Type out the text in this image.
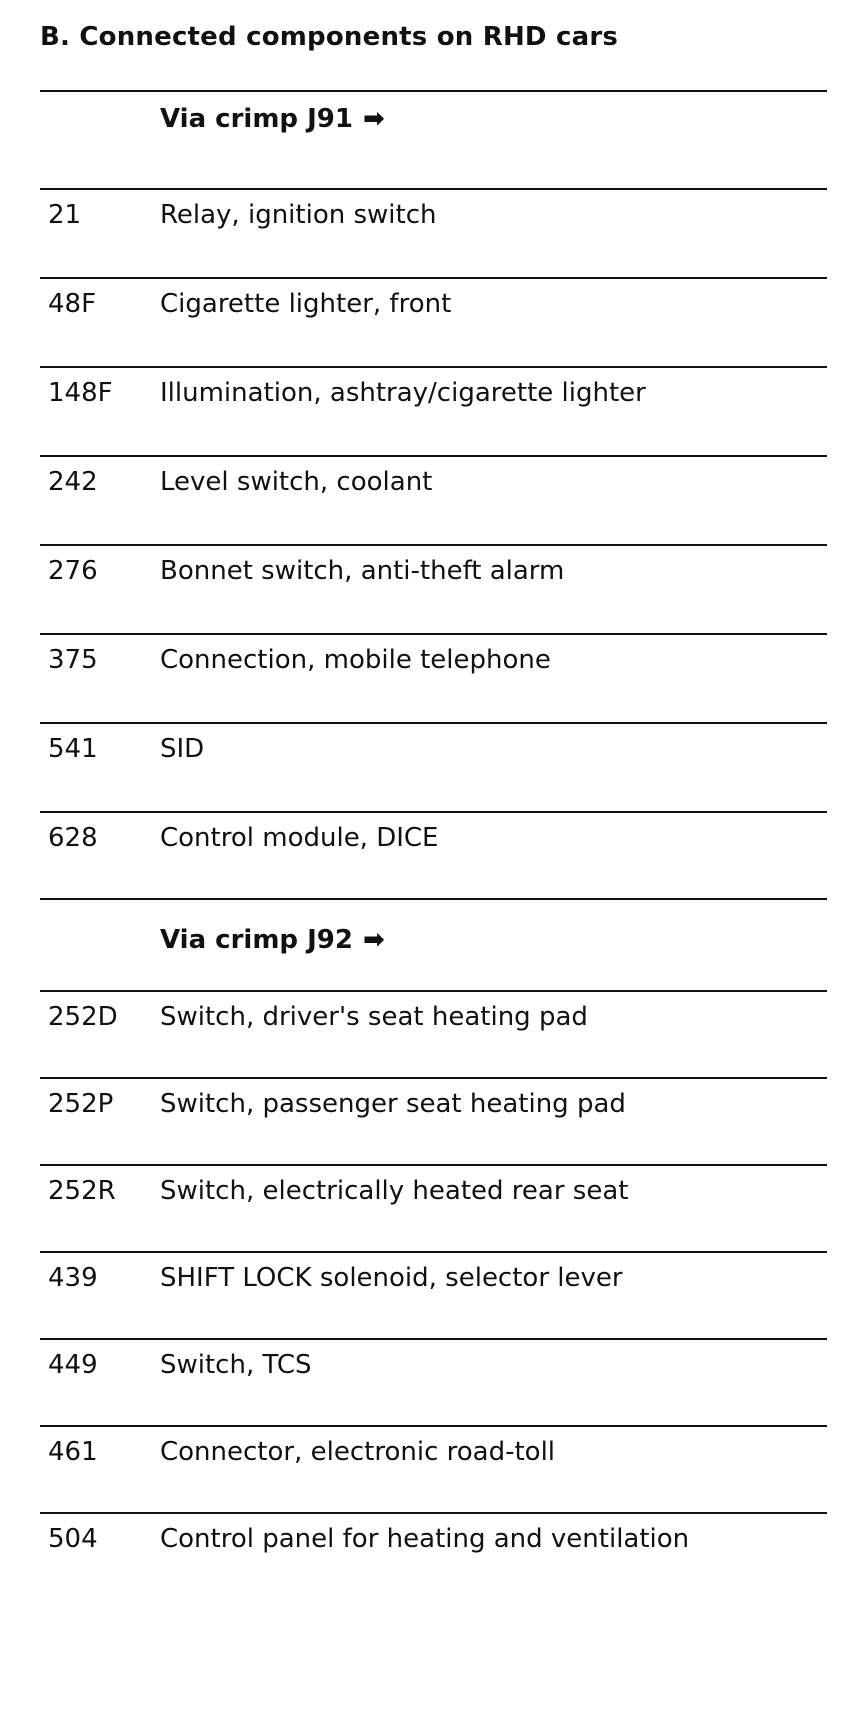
B. Connected components on RHD cars
Via crimp J91 ➡
21	Relay, ignition switch
48F Cigarette lighter, front
148F Illumination, ashtray/cigarette lighter
242 Level switch, coolant
276 Bonnet switch, anti-theft alarm
375 Connection, mobile telephone
541 SID
628 Control module, DICE
Via crimp J92 ➡
252D Switch, driver's seat heating pad
252P Switch, passenger seat heating pad
252R Switch, electrically heated rear seat
439 SHIFT LOCK solenoid, selector lever
449 Switch, TCS
461 Connector, electronic road-toll
504 Control panel for heating and ventilation
